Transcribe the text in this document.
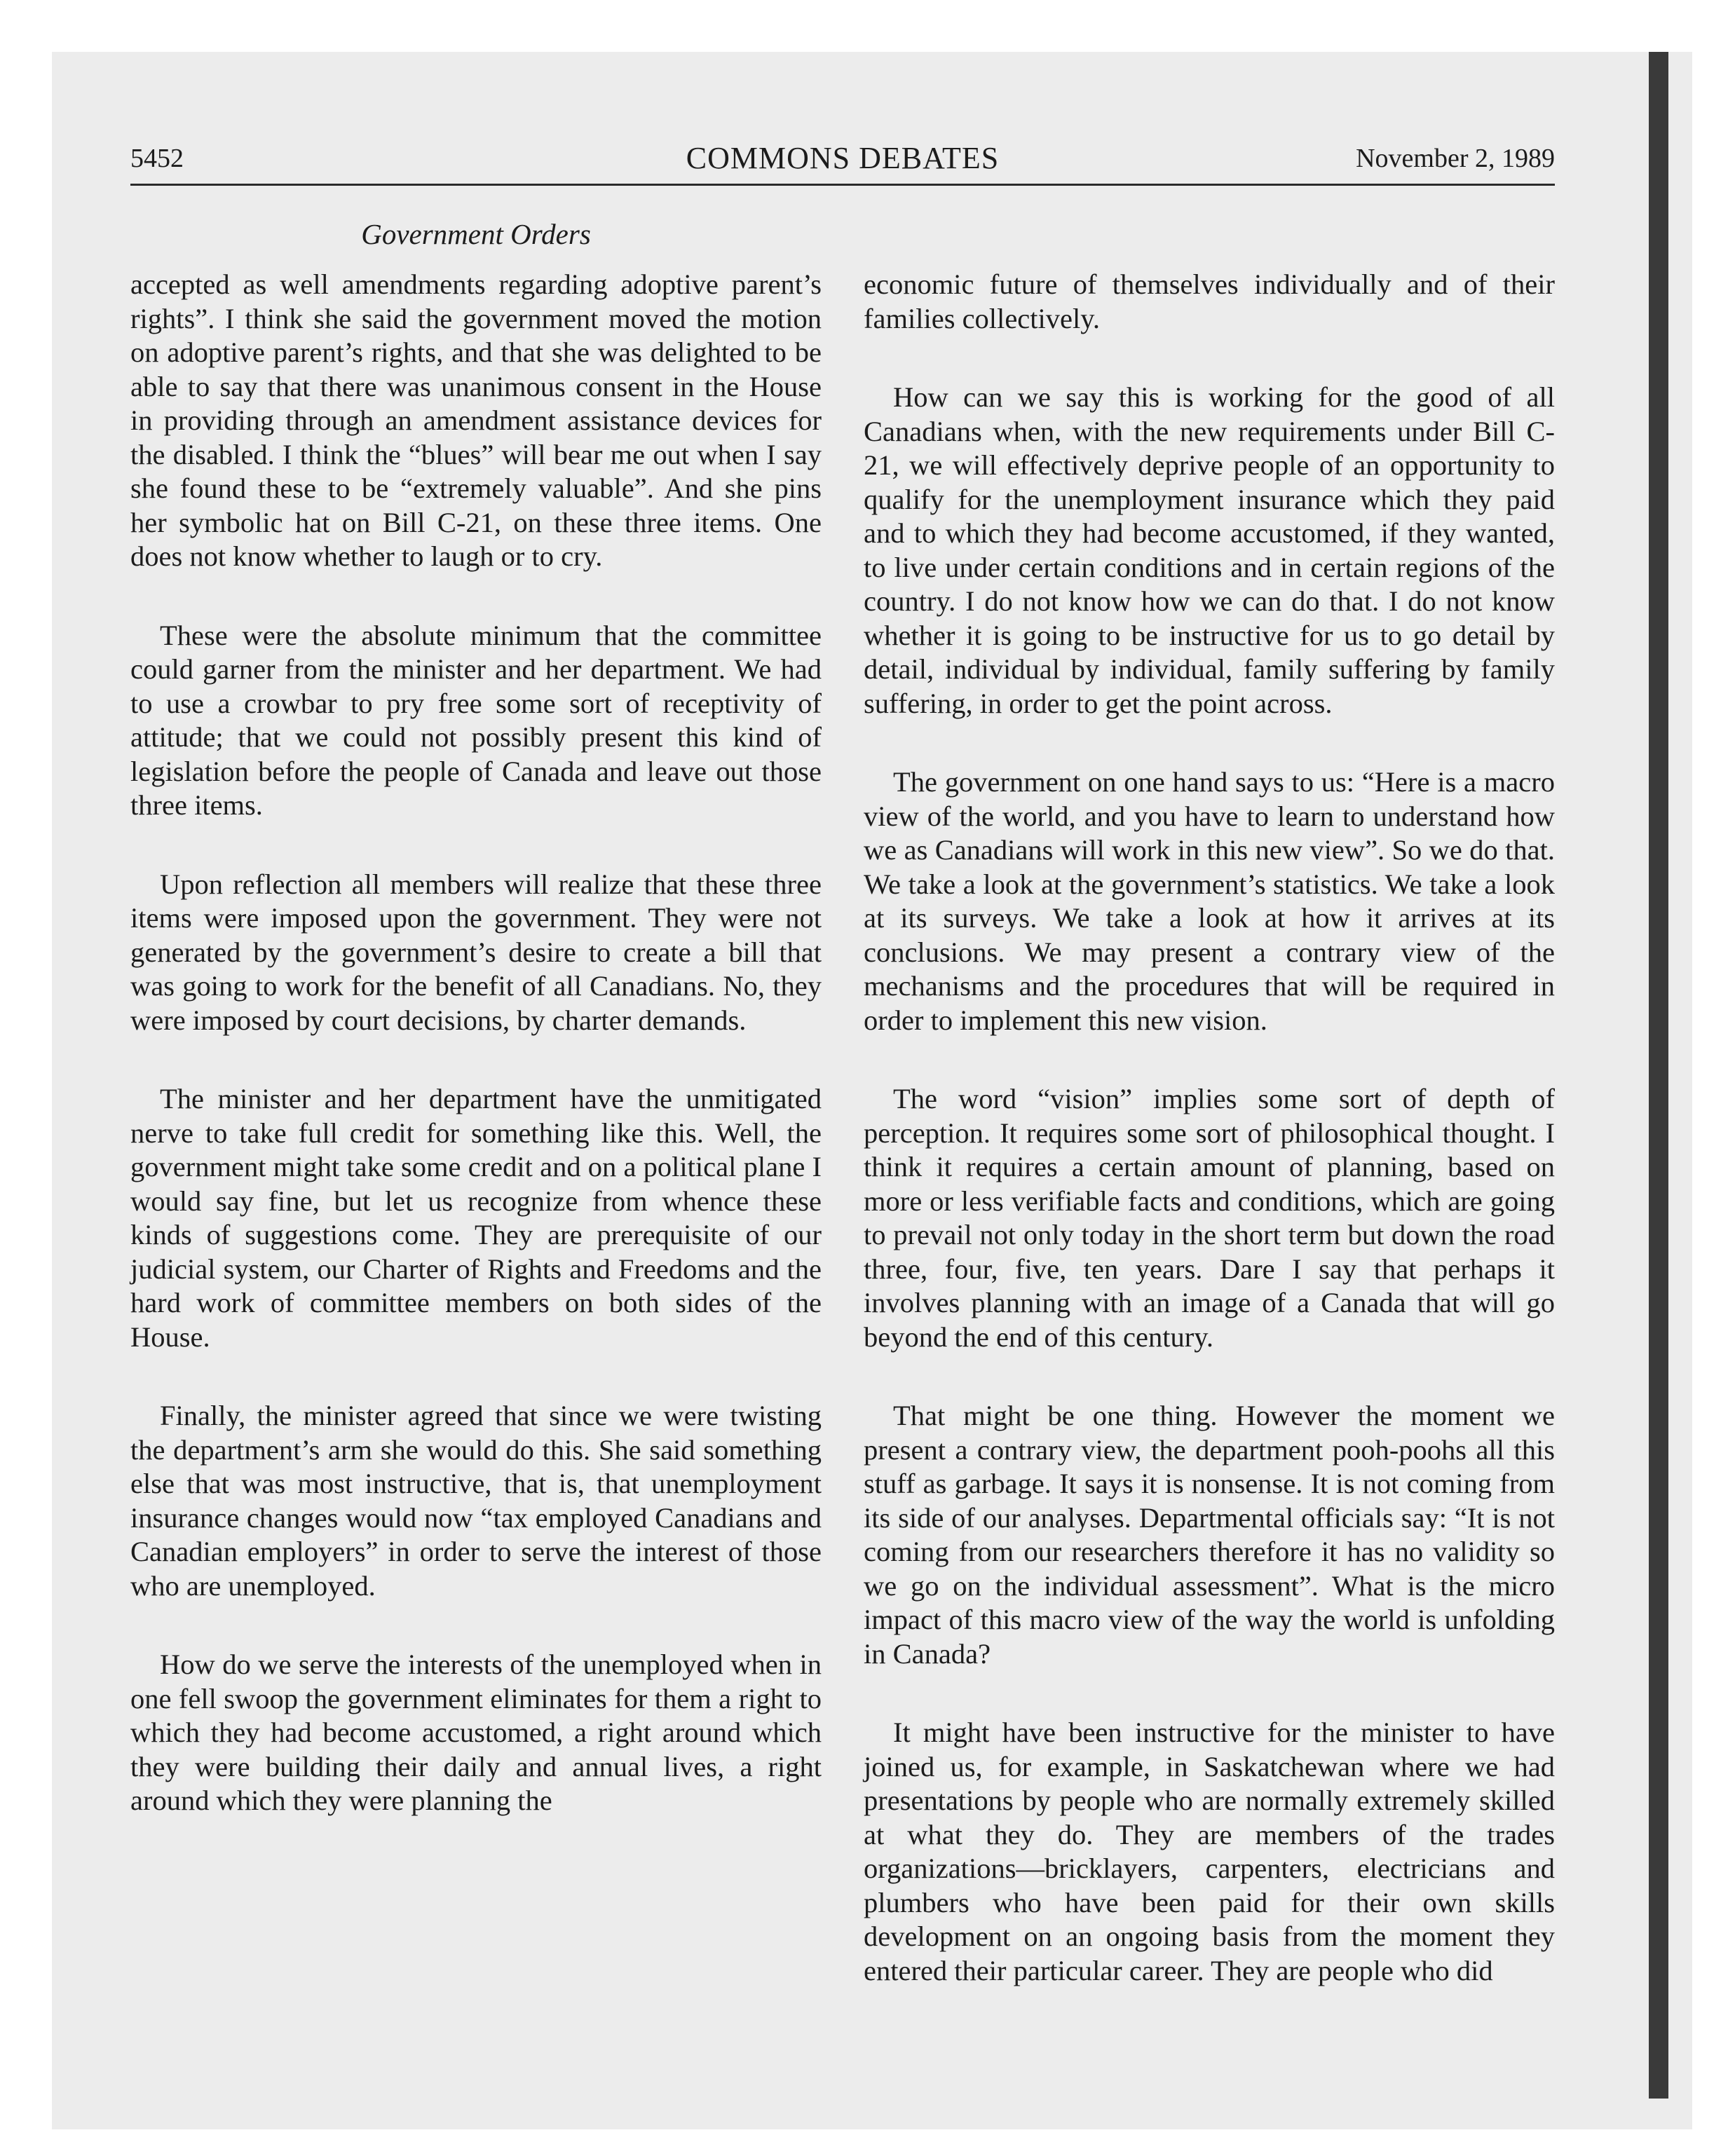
5452	COMMONS DEBATES	November 2, 1989
Government Orders

accepted as well amendments regarding adoptive parent’s rights”. I think she said the government moved the motion on adoptive parent’s rights, and that she was delighted to be able to say that there was unanimous consent in the House in providing through an amendment assistance devices for the disabled. I think the “blues” will bear me out when I say she found these to be “extremely valuable”. And she pins her symbolic hat on Bill C-21, on these three items. One does not know whether to laugh or to cry.

These were the absolute minimum that the committee could garner from the minister and her department. We had to use a crowbar to pry free some sort of receptivity of attitude; that we could not possibly present this kind of legislation before the people of Canada and leave out those three items.

Upon reflection all members will realize that these three items were imposed upon the government. They were not generated by the government’s desire to create a bill that was going to work for the benefit of all Canadians. No, they were imposed by court decisions, by charter demands.

The minister and her department have the unmitigated nerve to take full credit for something like this. Well, the government might take some credit and on a political plane I would say fine, but let us recognize from whence these kinds of suggestions come. They are prerequisite of our judicial system, our Charter of Rights and Freedoms and the hard work of committee members on both sides of the House.

Finally, the minister agreed that since we were twisting the department’s arm she would do this. She said something else that was most instructive, that is, that unemployment insurance changes would now “tax employed Canadians and Canadian employers” in order to serve the interest of those who are unemployed.

How do we serve the interests of the unemployed when in one fell swoop the government eliminates for them a right to which they had become accustomed, a right around which they were building their daily and annual lives, a right around which they were planning the

economic future of themselves individually and of their families collectively.

How can we say this is working for the good of all Canadians when, with the new requirements under Bill C-21, we will effectively deprive people of an opportunity to qualify for the unemployment insurance which they paid and to which they had become accustomed, if they wanted, to live under certain conditions and in certain regions of the country. I do not know how we can do that. I do not know whether it is going to be instructive for us to go detail by detail, individual by individual, family suffering by family suffering, in order to get the point across.

The government on one hand says to us: “Here is a macro view of the world, and you have to learn to understand how we as Canadians will work in this new view”. So we do that. We take a look at the government’s statistics. We take a look at its surveys. We take a look at how it arrives at its conclusions. We may present a contrary view of the mechanisms and the procedures that will be required in order to implement this new vision.

The word “vision” implies some sort of depth of perception. It requires some sort of philosophical thought. I think it requires a certain amount of planning, based on more or less verifiable facts and conditions, which are going to prevail not only today in the short term but down the road three, four, five, ten years. Dare I say that perhaps it involves planning with an image of a Canada that will go beyond the end of this century.

That might be one thing. However the moment we present a contrary view, the department pooh-poohs all this stuff as garbage. It says it is nonsense. It is not coming from its side of our analyses. Departmental officials say: “It is not coming from our researchers therefore it has no validity so we go on the individual assessment”. What is the micro impact of this macro view of the way the world is unfolding in Canada?

It might have been instructive for the minister to have joined us, for example, in Saskatchewan where we had presentations by people who are normally extremely skilled at what they do. They are members of the trades organizations—bricklayers, carpenters, electricians and plumbers who have been paid for their own skills development on an ongoing basis from the moment they entered their particular career. They are people who did
